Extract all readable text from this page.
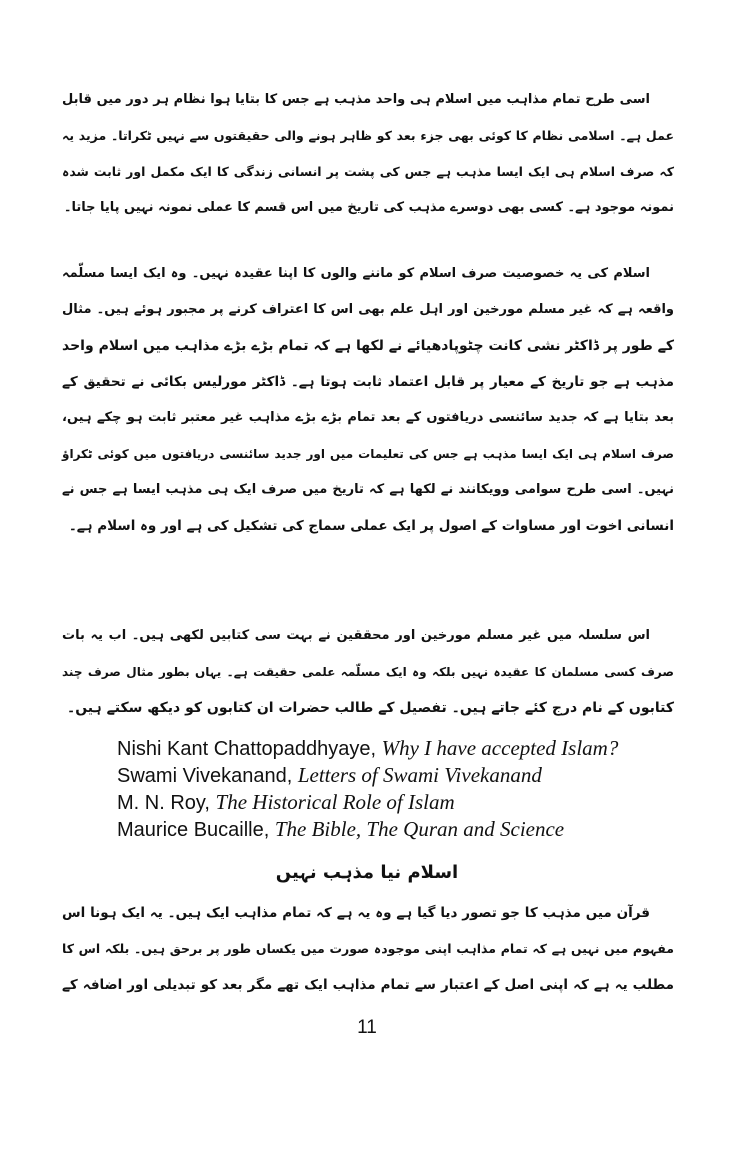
اسی طرح تمام مذاہب میں اسلام ہی واحد مذہب ہے جس کا بتایا ہوا نظام ہر دور میں قابل
عمل ہے۔ اسلامی نظام کا کوئی بھی جزء بعد کو ظاہر ہونے والی حقیقتوں سے نہیں ٹکراتا۔ مزید یہ
کہ صرف اسلام ہی ایک ایسا مذہب ہے جس کی پشت پر انسانی زندگی کا ایک مکمل اور ثابت شدہ
نمونہ موجود ہے۔ کسی بھی دوسرے مذہب کی تاریخ میں اس قسم کا عملی نمونہ نہیں پایا جاتا۔
اسلام کی یہ خصوصیت صرف اسلام کو ماننے والوں کا اپنا عقیدہ نہیں۔ وہ ایک ایسا مسلّمہ
واقعہ ہے کہ غیر مسلم مورخین اور اہل علم بھی اس کا اعتراف کرنے پر مجبور ہوئے ہیں۔ مثال
کے طور پر ڈاکٹر نشی کانت چٹوپادھیائے نے لکھا ہے کہ تمام بڑے بڑے مذاہب میں اسلام واحد
مذہب ہے جو تاریخ کے معیار پر قابل اعتماد ثابت ہوتا ہے۔ ڈاکٹر مورلیس بکائی نے تحقیق کے
بعد بتایا ہے کہ جدید سائنسی دریافتوں کے بعد تمام بڑے بڑے مذاہب غیر معتبر ثابت ہو چکے ہیں،
صرف اسلام ہی ایک ایسا مذہب ہے جس کی تعلیمات میں اور جدید سائنسی دریافتوں میں کوئی ٹکراؤ
نہیں۔ اسی طرح سوامی وویکانند نے لکھا ہے کہ تاریخ میں صرف ایک ہی مذہب ایسا ہے جس نے
انسانی اخوت اور مساوات کے اصول پر ایک عملی سماج کی تشکیل کی ہے اور وہ اسلام ہے۔
اس سلسلہ میں غیر مسلم مورخین اور محققین نے بہت سی کتابیں لکھی ہیں۔ اب یہ بات
صرف کسی مسلمان کا عقیدہ نہیں بلکہ وہ ایک مسلّمہ علمی حقیقت ہے۔ یہاں بطور مثال صرف چند
کتابوں کے نام درج کئے جاتے ہیں۔ تفصیل کے طالب حضرات ان کتابوں کو دیکھ سکتے ہیں۔
Nishi Kant Chattopaddhyaye, Why I have accepted Islam?
Swami Vivekanand, Letters of Swami Vivekanand
M. N. Roy, The Historical Role of Islam
Maurice Bucaille, The Bible, The Quran and Science
اسلام نیا مذہب نہیں
قرآن میں مذہب کا جو تصور دیا گیا ہے وہ یہ ہے کہ تمام مذاہب ایک ہیں۔ یہ ایک ہونا اس
مفہوم میں نہیں ہے کہ تمام مذاہب اپنی موجودہ صورت میں یکساں طور پر برحق ہیں۔ بلکہ اس کا
مطلب یہ ہے کہ اپنی اصل کے اعتبار سے تمام مذاہب ایک تھے مگر بعد کو تبدیلی اور اضافہ کے
11
